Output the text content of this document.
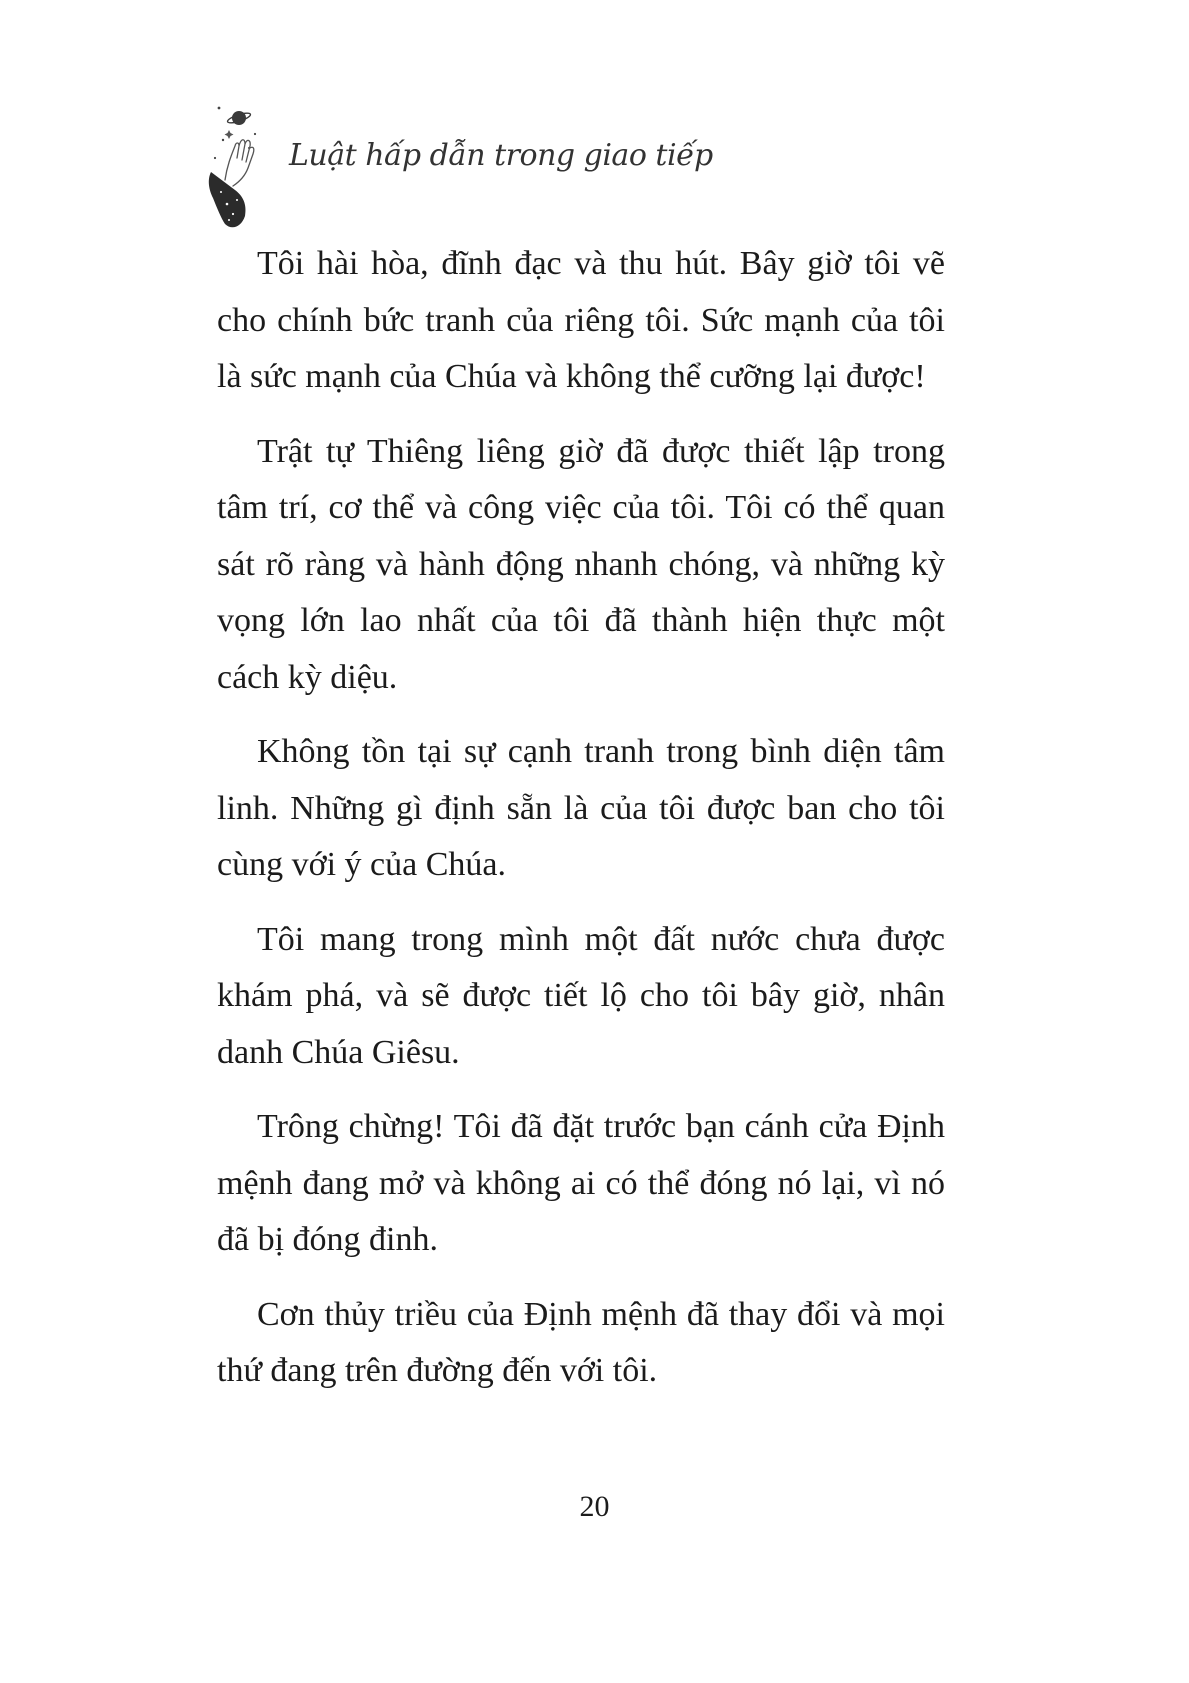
Luật hấp dẫn trong giao tiếp

Tôi hài hòa, đĩnh đạc và thu hút. Bây giờ tôi vẽ cho chính bức tranh của riêng tôi. Sức mạnh của tôi là sức mạnh của Chúa và không thể cưỡng lại được!

Trật tự Thiêng liêng giờ đã được thiết lập trong tâm trí, cơ thể và công việc của tôi. Tôi có thể quan sát rõ ràng và hành động nhanh chóng, và những kỳ vọng lớn lao nhất của tôi đã thành hiện thực một cách kỳ diệu.

Không tồn tại sự cạnh tranh trong bình diện tâm linh. Những gì định sẵn là của tôi được ban cho tôi cùng với ý của Chúa.

Tôi mang trong mình một đất nước chưa được khám phá, và sẽ được tiết lộ cho tôi bây giờ, nhân danh Chúa Giêsu.

Trông chừng! Tôi đã đặt trước bạn cánh cửa Định mệnh đang mở và không ai có thể đóng nó lại, vì nó đã bị đóng đinh.

Cơn thủy triều của Định mệnh đã thay đổi và mọi thứ đang trên đường đến với tôi.

20
